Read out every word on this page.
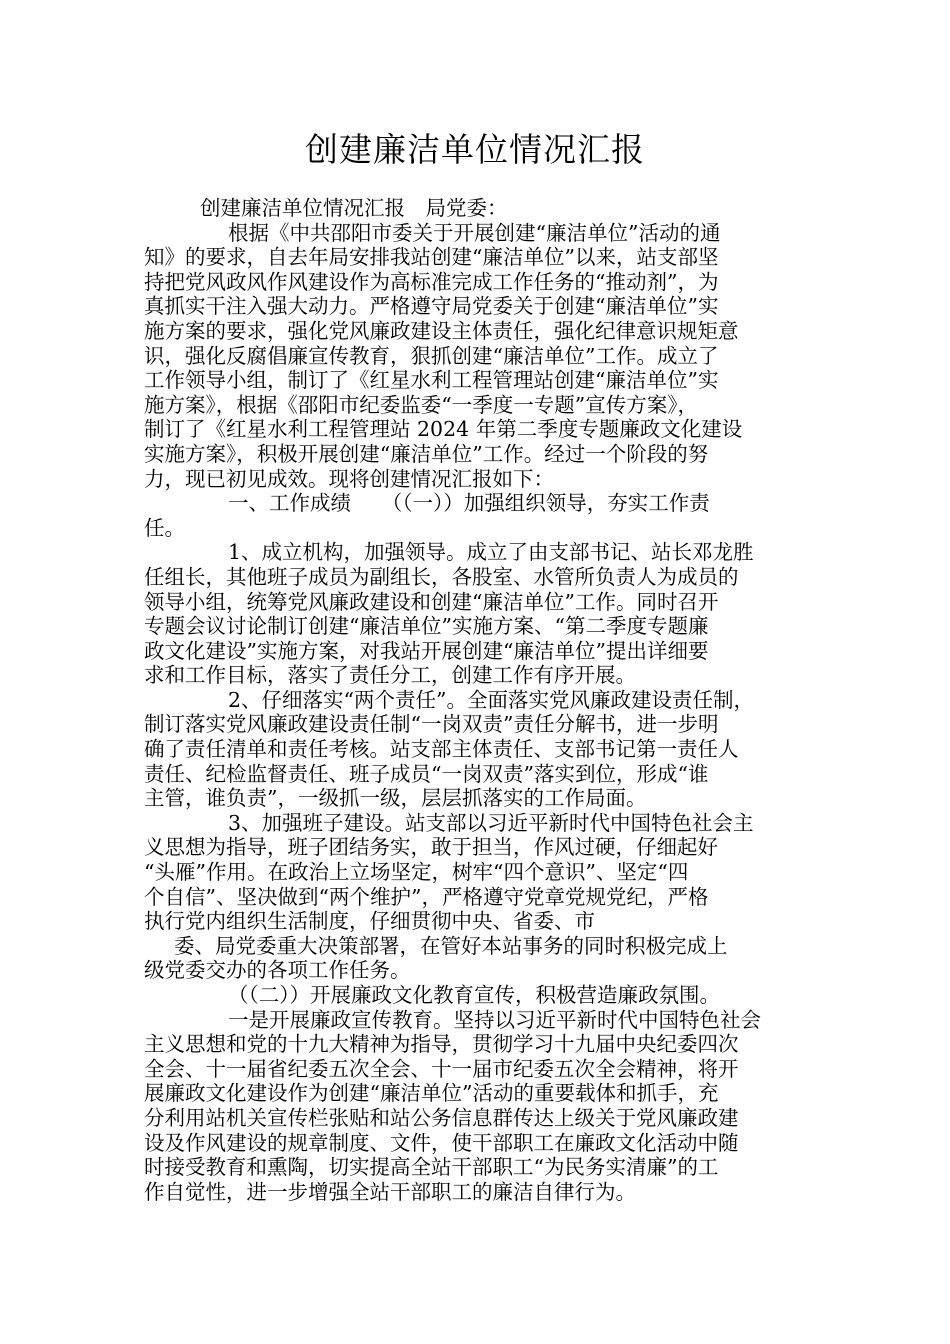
创建廉洁单位情况汇报

创建廉洁单位情况汇报　局党委：

根据《中共邵阳市委关于开展创建“廉洁单位”活动的通

知》的要求，自去年局安排我站创建“廉洁单位”以来，站支部坚

持把党风政风作风建设作为高标准完成工作任务的“推动剂”，为

真抓实干注入强大动力。严格遵守局党委关于创建“廉洁单位”实

施方案的要求，强化党风廉政建设主体责任，强化纪律意识规矩意

识，强化反腐倡廉宣传教育，狠抓创建“廉洁单位”工作。成立了

工作领导小组，制订了《红星水利工程管理站创建“廉洁单位”实

施方案》，根据《邵阳市纪委监委“一季度一专题”宣传方案》，

制订了《红星水利工程管理站 2024 年第二季度专题廉政文化建设

实施方案》，积极开展创建“廉洁单位”工作。经过一个阶段的努

力，现已初见成效。现将创建情况汇报如下：

一、工作成绩　　（（一））加强组织领导，夯实工作责

任。

1、成立机构，加强领导。成立了由支部书记、站长邓龙胜

任组长，其他班子成员为副组长，各股室、水管所负责人为成员的

领导小组，统筹党风廉政建设和创建“廉洁单位”工作。同时召开

专题会议讨论制订创建“廉洁单位”实施方案、“第二季度专题廉

政文化建设”实施方案，对我站开展创建“廉洁单位”提出详细要

求和工作目标，落实了责任分工，创建工作有序开展。

2、仔细落实“两个责任”。全面落实党风廉政建设责任制，

制订落实党风廉政建设责任制“一岗双责”责任分解书，进一步明

确了责任清单和责任考核。站支部主体责任、支部书记第一责任人

责任、纪检监督责任、班子成员“一岗双责”落实到位，形成“谁

主管，谁负责”，一级抓一级，层层抓落实的工作局面。

3、加强班子建设。站支部以习近平新时代中国特色社会主

义思想为指导，班子团结务实，敢于担当，作风过硬，仔细起好

“头雁”作用。在政治上立场坚定，树牢“四个意识”、坚定“四

个自信”、坚决做到“两个维护”，严格遵守党章党规党纪，严格

执行党内组织生活制度，仔细贯彻中央、省委、市

委、局党委重大决策部署，在管好本站事务的同时积极完成上

级党委交办的各项工作任务。

（（二））开展廉政文化教育宣传，积极营造廉政氛围。

一是开展廉政宣传教育。坚持以习近平新时代中国特色社会

主义思想和党的十九大精神为指导，贯彻学习十九届中央纪委四次

全会、十一届省纪委五次全会、十一届市纪委五次全会精神，将开

展廉政文化建设作为创建“廉洁单位”活动的重要载体和抓手，充

分利用站机关宣传栏张贴和站公务信息群传达上级关于党风廉政建

设及作风建设的规章制度、文件，使干部职工在廉政文化活动中随

时接受教育和熏陶，切实提高全站干部职工“为民务实清廉”的工

作自觉性，进一步增强全站干部职工的廉洁自律行为。
